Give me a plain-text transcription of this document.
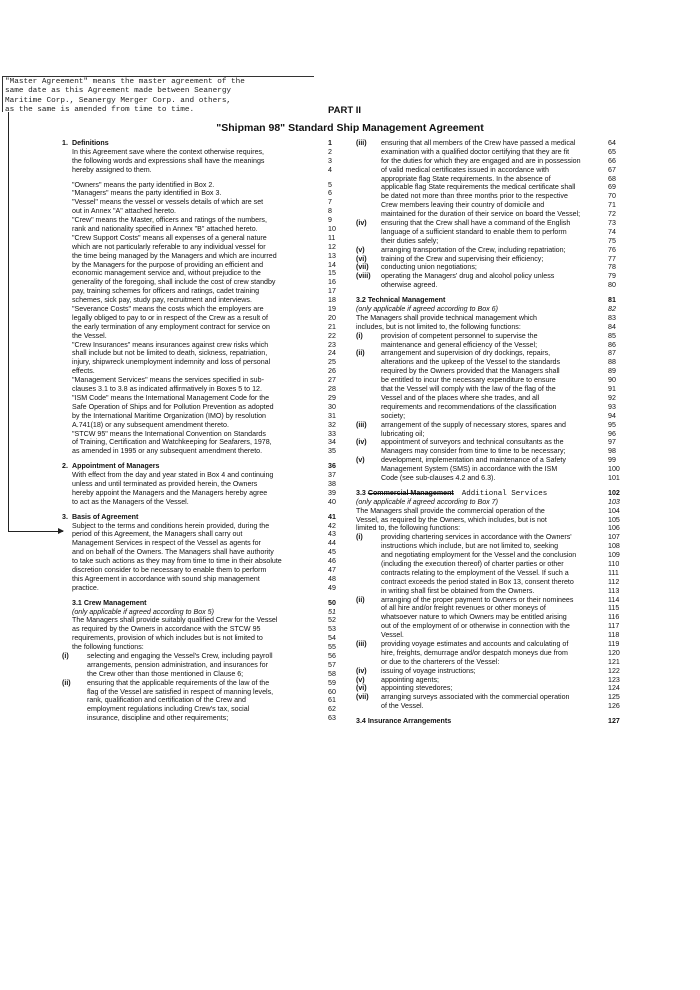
"Master Agreement" means the master agreement of the
same date as this Agreement made between Seanergy
Maritime Corp., Seanergy Merger Corp. and others,
as the same is amended from time to time.	PART II
"Shipman 98" Standard Ship Management Agreement
1. Definitions	1
In this Agreement save where the context otherwise requires,	2
the following words and expressions shall have the meanings	3
hereby assigned to them.	4
"Owners" means the party identified in Box 2.	5
"Managers" means the party identified in Box 3.	6
"Vessel" means the vessel or vessels details of which are set	7
out in Annex "A" attached hereto.	8
"Crew" means the Master, officers and ratings of the numbers,	9
rank and nationality specified in Annex "B" attached hereto.	10
"Crew Support Costs" means all expenses of a general nature	11
which are not particularly referable to any individual vessel for	12
the time being managed by the Managers and which are incurred	13
by the Managers for the purpose of providing an efficient and	14
economic management service and, without prejudice to the	15
generality of the foregoing, shall include the cost of crew standby	16
pay, training schemes for officers and ratings, cadet training	17
schemes, sick pay, study pay, recruitment and interviews.	18
"Severance Costs" means the costs which the employers are	19
legally obliged to pay to or in respect of the Crew as a result of	20
the early termination of any employment contract for service on	21
the Vessel.	22
"Crew Insurances" means insurances against crew risks which	23
shall include but not be limited to death, sickness, repatriation,	24
injury, shipwreck unemployment indemnity and loss of personal	25
effects.	26
"Management Services" means the services specified in sub-	27
clauses 3.1 to 3.8 as indicated affirmatively in Boxes 5 to 12.	28
"ISM Code" means the International Management Code for the	29
Safe Operation of Ships and for Pollution Prevention as adopted	30
by the International Maritime Organization (IMO) by resolution	31
A.741(18) or any subsequent amendment thereto.	32
"STCW 95" means the International Convention on Standards	33
of Training, Certification and Watchkeeping for Seafarers, 1978,	34
as amended in 1995 or any subsequent amendment thereto.	35
2. Appointment of Managers	36
With effect from the day and year stated in Box 4 and continuing	37
unless and until terminated as provided herein, the Owners	38
hereby appoint the Managers and the Managers hereby agree	39
to act as the Managers of the Vessel.	40
3. Basis of Agreement	41
Subject to the terms and conditions herein provided, during the	42
period of this Agreement, the Managers shall carry out	43
Management Services in respect of the Vessel as agents for	44
and on behalf of the Owners. The Managers shall have authority	45
to take such actions as they may from time to time in their absolute	46
discretion consider to be necessary to enable them to perform	47
this Agreement in accordance with sound ship management	48
practice.	49
3.1 Crew Management	50
(only applicable if agreed according to Box 5)	51
The Managers shall provide suitably qualified Crew for the Vessel	52
as required by the Owners in accordance with the STCW 95	53
requirements, provision of which includes but is not limited to	54
the following functions:	55
(i)	selecting and engaging the Vessel's Crew, including payroll	56
arrangements, pension administration, and insurances for	57
the Crew other than those mentioned in Clause 6;	58
(ii) ensuring that the applicable requirements of the law of the	59
flag of the Vessel are satisfied in respect of manning levels,	60
rank, qualification and certification of the Crew and	61
employment regulations including Crew's tax, social	62
insurance, discipline and other requirements;	63
(iii) ensuring that all members of the Crew have passed a medical	64
examination with a qualified doctor certifying that they are fit	65
for the duties for which they are engaged and are in possession	66
of valid medical certificates issued in accordance with	67
appropriate flag State requirements. In the absence of	68
applicable flag State requirements the medical certificate shall	69
be dated not more than three months prior to the respective	70
Crew members leaving their country of domicile and	71
maintained for the duration of their service on board the Vessel;	72
(iv) ensuring that the Crew shall have a command of the English	73
language of a sufficient standard to enable them to perform	74
their duties safely;	75
(v) arranging transportation of the Crew, including repatriation;	76
(vi) training of the Crew and supervising their efficiency;	77
(vii) conducting union negotiations;	78
(viii) operating the Managers' drug and alcohol policy unless	79
otherwise agreed.	80
3.2 Technical Management	81
(only applicable if agreed according to Box 6)	82
The Managers shall provide technical management which	83
includes, but is not limited to, the following functions:	84
(i)	provision of competent personnel to supervise the	85
maintenance and general efficiency of the Vessel;	86
(ii) arrangement and supervision of dry dockings, repairs,	87
alterations and the upkeep of the Vessel to the standards	88
required by the Owners provided that the Managers shall	89
be entitled to incur the necessary expenditure to ensure	90
that the Vessel will comply with the law of the flag of the	91
Vessel and of the places where she trades, and all	92
requirements and recommendations of the classification	93
society;	94
(iii) arrangement of the supply of necessary stores, spares and	95
lubricating oil;	96
(iv) appointment of surveyors and technical consultants as the	97
Managers may consider from time to time to be necessary;	98
(v) development, implementation and maintenance of a Safety	99
Management System (SMS) in accordance with the ISM	100
Code (see sub-clauses 4.2 and 6.3).	101
3.3 Commercial Management Additional Services	102
(only applicable if agreed according to Box 7)	103
The Managers shall provide the commercial operation of the	104
Vessel, as required by the Owners, which includes, but is not	105
limited to, the following functions:	106
(i)	providing chartering services in accordance with the Owners'	107
instructions which include, but are not limited to, seeking	108
and negotiating employment for the Vessel and the conclusion	109
(including the execution thereof) of charter parties or other	110
contracts relating to the employment of the Vessel. If such a	111
contract exceeds the period stated in Box 13, consent thereto	112
in writing shall first be obtained from the Owners.	113
(ii) arranging of the proper payment to Owners or their nominees	114
of all hire and/or freight revenues or other moneys of	115
whatsoever nature to which Owners may be entitled arising	116
out of the employment of or otherwise in connection with the	117
Vessel.	118
(iii) providing voyage estimates and accounts and calculating of	119
hire, freights, demurrage and/or despatch moneys due from	120
or due to the charterers of the Vessel:	121
(iv) issuing of voyage instructions;	122
(v) appointing agents;	123
(vi) appointing stevedores;	124
(vii) arranging surveys associated with the commercial operation	125
of the Vessel.	126
3.4 Insurance Arrangements	127
